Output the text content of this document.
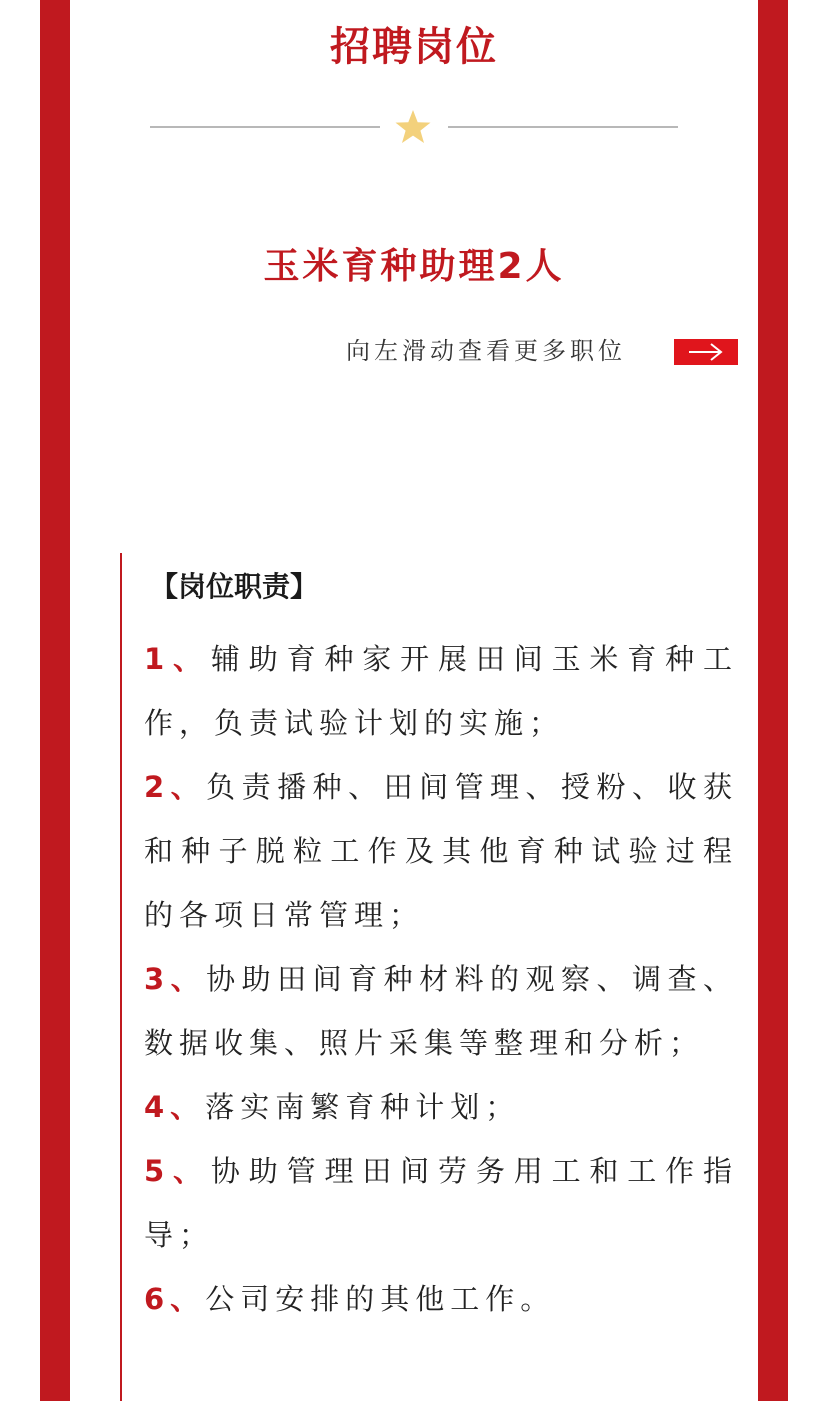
招聘岗位
玉米育种助理2人
向左滑动查看更多职位
【岗位职责】
1、辅助育种家开展田间玉米育种工作，负责试验计划的实施；
2、负责播种、田间管理、授粉、收获和种子脱粒工作及其他育种试验过程的各项日常管理；
3、协助田间育种材料的观察、调查、数据收集、照片采集等整理和分析；
4、落实南繁育种计划；
5、协助管理田间劳务用工和工作指导；
6、公司安排的其他工作。
